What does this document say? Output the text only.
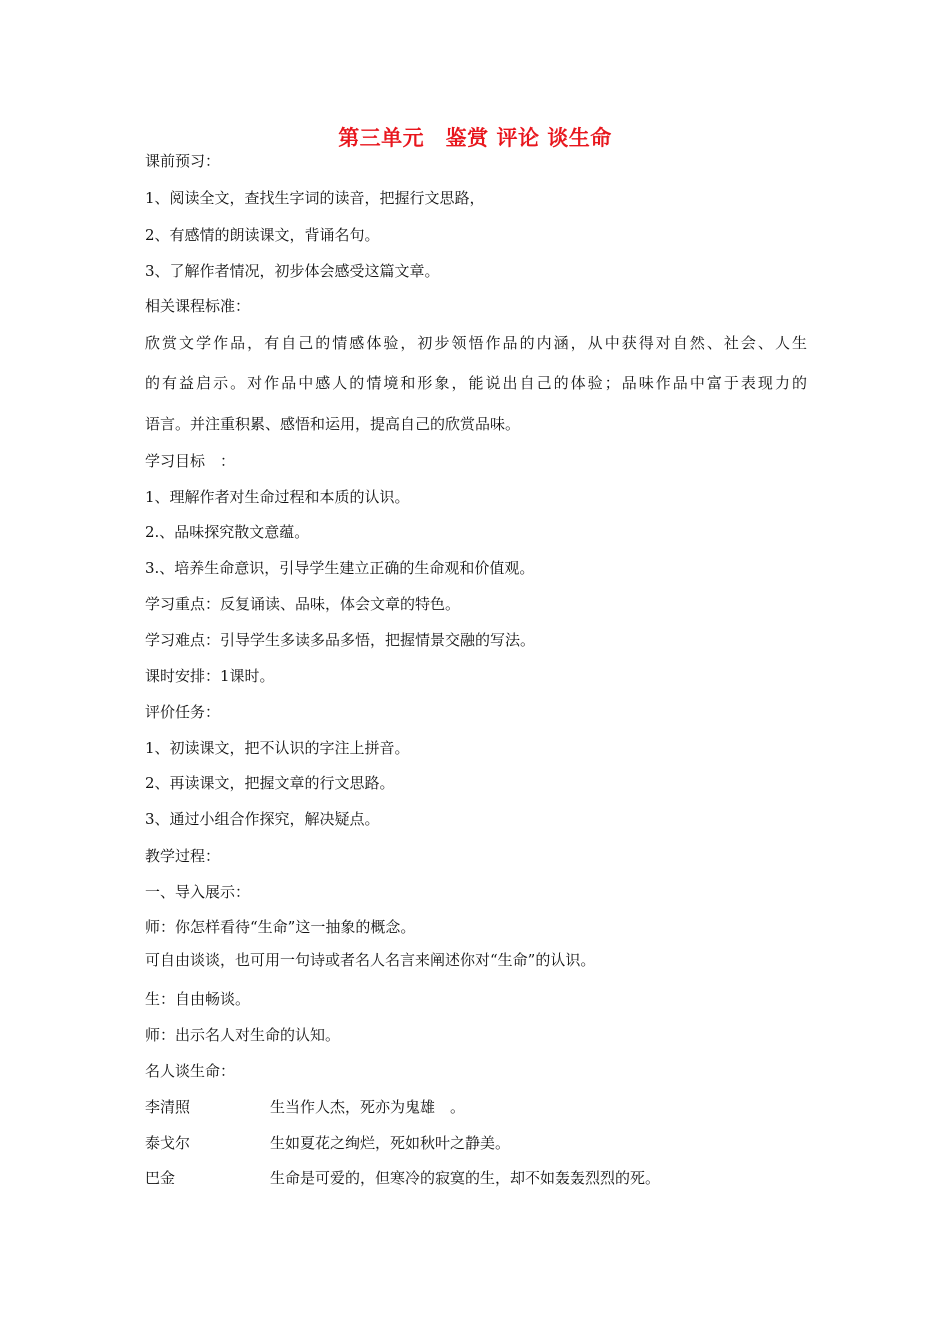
第三单元　鉴赏 评论 谈生命
课前预习：
1、阅读全文，查找生字词的读音，把握行文思路，
2、有感情的朗读课文，背诵名句。
3、了解作者情况，初步体会感受这篇文章。
相关课程标准：
欣赏文学作品，有自己的情感体验，初步领悟作品的内涵，从中获得对自然、社会、人生
的有益启示。对作品中感人的情境和形象，能说出自己的体验；品味作品中富于表现力的
语言。并注重积累、感悟和运用，提高自己的欣赏品味。
学习目标　：
1、理解作者对生命过程和本质的认识。
2.、品味探究散文意蕴。
3.、培养生命意识，引导学生建立正确的生命观和价值观。
学习重点：反复诵读、品味，体会文章的特色。
学习难点：引导学生多读多品多悟，把握情景交融的写法。
课时安排：1课时。
评价任务：
1、初读课文，把不认识的字注上拼音。
2、再读课文，把握文章的行文思路。
3、通过小组合作探究，解决疑点。
教学过程：
一、导入展示：
师：你怎样看待“生命”这一抽象的概念。
可自由谈谈，也可用一句诗或者名人名言来阐述你对“生命”的认识。
生：自由畅谈。
师：出示名人对生命的认知。
名人谈生命：
李清照	生当作人杰，死亦为鬼雄　。
泰戈尔	生如夏花之绚烂，死如秋叶之静美。
巴金	生命是可爱的，但寒冷的寂寞的生，却不如轰轰烈烈的死。
